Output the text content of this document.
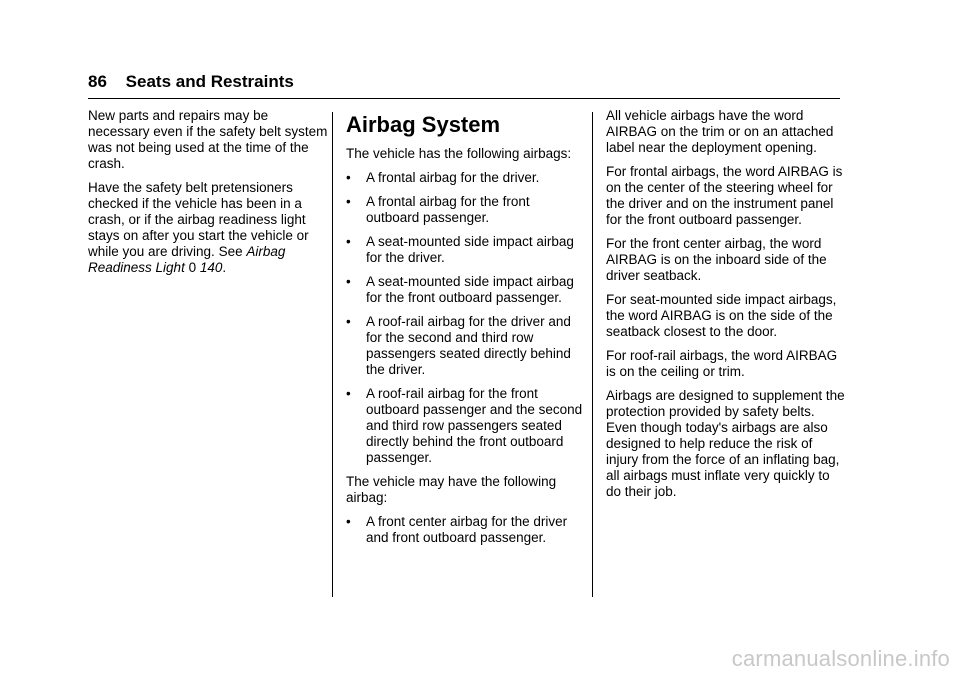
86 Seats and Restraints

New parts and repairs may be necessary even if the safety belt system was not being used at the time of the crash.

Have the safety belt pretensioners checked if the vehicle has been in a crash, or if the airbag readiness light stays on after you start the vehicle or while you are driving. See Airbag Readiness Light 0 140.

Airbag System

The vehicle has the following airbags:

•	A frontal airbag for the driver.
•	A frontal airbag for the front outboard passenger.
•	A seat-mounted side impact airbag for the driver.
•	A seat-mounted side impact airbag for the front outboard passenger.
•	A roof-rail airbag for the driver and for the second and third row passengers seated directly behind the driver.
•	A roof-rail airbag for the front outboard passenger and the second and third row passengers seated directly behind the front outboard passenger.

The vehicle may have the following airbag:

•	A front center airbag for the driver and front outboard passenger.

All vehicle airbags have the word AIRBAG on the trim or on an attached label near the deployment opening.

For frontal airbags, the word AIRBAG is on the center of the steering wheel for the driver and on the instrument panel for the front outboard passenger.

For the front center airbag, the word AIRBAG is on the inboard side of the driver seatback.

For seat-mounted side impact airbags, the word AIRBAG is on the side of the seatback closest to the door.

For roof-rail airbags, the word AIRBAG is on the ceiling or trim.

Airbags are designed to supplement the protection provided by safety belts. Even though today's airbags are also designed to help reduce the risk of injury from the force of an inflating bag, all airbags must inflate very quickly to do their job.

carmanualsonline.info
